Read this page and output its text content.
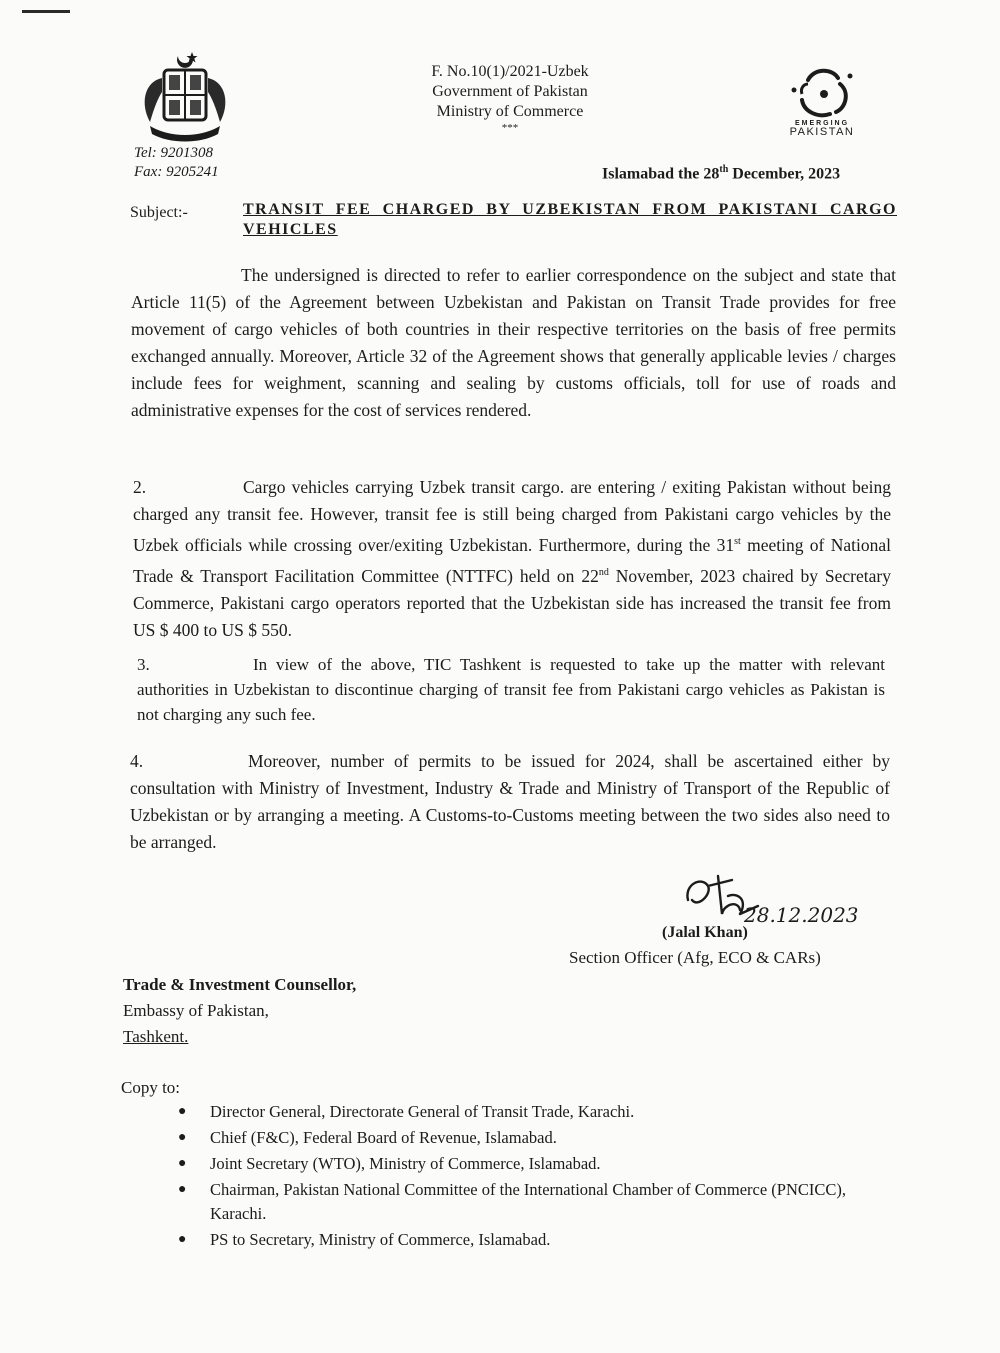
F. No.10(1)/2021-Uzbek
Government of Pakistan
Ministry of Commerce
***	EMERGING
PAKISTAN
Tel: 9201308
Fax: 9205241	Islamabad the 28th December, 2023
Subject:-	TRANSIT FEE CHARGED BY UZBEKISTAN FROM PAKISTANI CARGO VEHICLES
The undersigned is directed to refer to earlier correspondence on the subject and state that Article 11(5) of the Agreement between Uzbekistan and Pakistan on Transit Trade provides for free movement of cargo vehicles of both countries in their respective territories on the basis of free permits exchanged annually. Moreover, Article 32 of the Agreement shows that generally applicable levies / charges include fees for weighment, scanning and sealing by customs officials, toll for use of roads and administrative expenses for the cost of services rendered.
2.	Cargo vehicles carrying Uzbek transit cargo. are entering / exiting Pakistan without being charged any transit fee. However, transit fee is still being charged from Pakistani cargo vehicles by the Uzbek officials while crossing over/exiting Uzbekistan. Furthermore, during the 31st meeting of National Trade & Transport Facilitation Committee (NTTFC) held on 22nd November, 2023 chaired by Secretary Commerce, Pakistani cargo operators reported that the Uzbekistan side has increased the transit fee from US $ 400 to US $ 550.
3.	In view of the above, TIC Tashkent is requested to take up the matter with relevant authorities in Uzbekistan to discontinue charging of transit fee from Pakistani cargo vehicles as Pakistan is not charging any such fee.
4.	Moreover, number of permits to be issued for 2024, shall be ascertained either by consultation with Ministry of Investment, Industry & Trade and Ministry of Transport of the Republic of Uzbekistan or by arranging a meeting. A Customs-to-Customs meeting between the two sides also need to be arranged.
28.12.2023
(Jalal Khan)
Section Officer (Afg, ECO & CARs)
Trade & Investment Counsellor,
Embassy of Pakistan,
Tashkent.
Copy to:
● Director General, Directorate General of Transit Trade, Karachi.
● Chief (F&C), Federal Board of Revenue, Islamabad.
● Joint Secretary (WTO), Ministry of Commerce, Islamabad.
● Chairman, Pakistan National Committee of the International Chamber of Commerce (PNCICC), Karachi.
● PS to Secretary, Ministry of Commerce, Islamabad.
